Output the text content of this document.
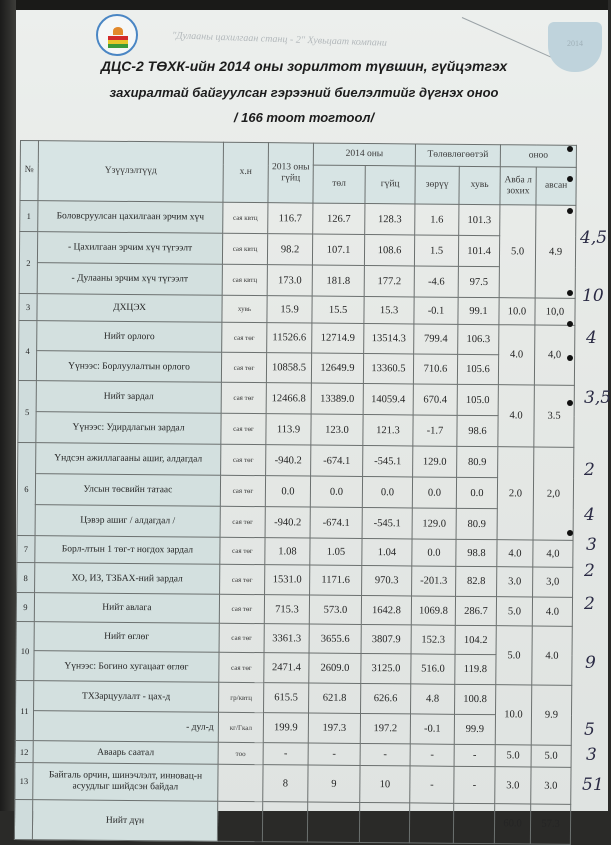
"Дулааны цахилгаан станц - 2" Хувьцаат компани	2014
ДЦС-2 ТӨХК-ийн 2014 оны зорилтот түвшин, гүйцэтгэх
захиралтай байгуулсан гэрээний биелэлтийг дүгнэх оноо
/ 166 тоот тогтоол/
№	Үзүүлэлтүүд	х.н	2013 оны гүйц	2014 оны		Төлөвлөгөөтэй		оноо	
				төл	гүйц	зөрүү	хувь	Авба л зохих	авсан
1	Боловсруулсан цахилгаан эрчим хүч	сая квтц	116.7	126.7	128.3	1.6	101.3	5.0	4.9
2	- Цахилгаан эрчим хүч түгээлт	сая квтц	98.2	107.1	108.6	1.5	101.4		
	- Дулааны эрчим хүч түгээлт	сая квтц	173.0	181.8	177.2	-4.6	97.5		
3	ДХЦЭХ	хувь	15.9	15.5	15.3	-0.1	99.1	10.0	10,0
4	Нийт орлого	сая төг	11526.6	12714.9	13514.3	799.4	106.3	4.0	4,0
	Үүнээс: Борлуулалтын орлого	сая төг	10858.5	12649.9	13360.5	710.6	105.6		
5	Нийт зардал	сая төг	12466.8	13389.0	14059.4	670.4	105.0	4.0	3.5
	Үүнээс: Удирдлагын зардал	сая төг	113.9	123.0	121.3	-1.7	98.6		
6	Үндсэн ажиллагааны ашиг, алдагдал	сая төг	-940.2	-674.1	-545.1	129.0	80.9	2.0	2,0
	Улсын төсвийн татаас	сая төг	0.0	0.0	0.0	0.0	0.0		
	Цэвэр ашиг / алдагдал /	сая төг	-940.2	-674.1	-545.1	129.0	80.9		
7	Борл-лтын 1 төг-т ногдох зардал	сая төг	1.08	1.05	1.04	0.0	98.8	4.0	4,0
8	ХО, ИЗ, ТЗБАХ-ний зардал	сая төг	1531.0	1171.6	970.3	-201.3	82.8	3.0	3,0
9	Нийт авлага	сая төг	715.3	573.0	1642.8	1069.8	286.7	5.0	4.0
10	Нийт өглөг	сая төг	3361.3	3655.6	3807.9	152.3	104.2	5.0	4.0
	Үүнээс: Богино хугацаат өглөг	сая төг	2471.4	2609.0	3125.0	516.0	119.8		
11	ТХЗарцуулалт - цах-д	гр/квтц	615.5	621.8	626.6	4.8	100.8	10.0	9.9
	- дул-д	кг/Гкал	199.9	197.3	197.2	-0.1	99.9		
12	Аваарь саатал	тоо	-	-	-	-	-	5.0	5.0
13	Байгаль орчин, шинэчлэлт, инновац-н асуудлыг шийдсэн байдал		8	9	10	-	-	3.0	3.0
	Нийт дүн							60.0	57.3
4,5
10
4
3,5
2
4
3
2
2
9
5
3
51
